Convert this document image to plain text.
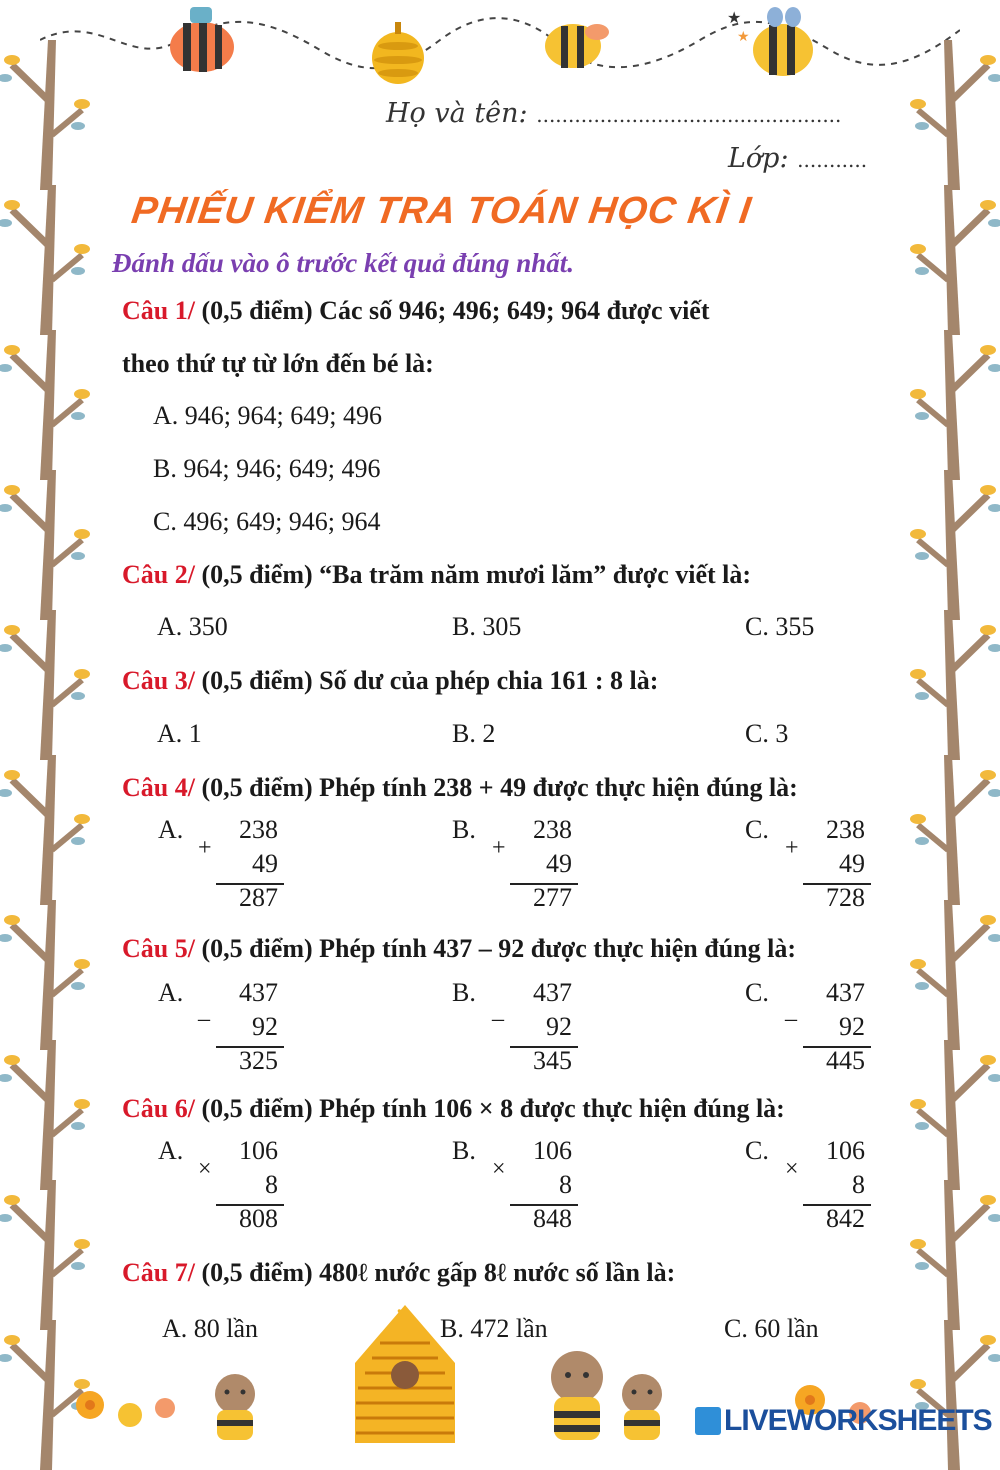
★
★
Họ và tên: ................................................
Lớp: ...........
PHIẾU KIỂM TRA TOÁN HỌC KÌ I
Đánh dấu vào ô trước kết quả đúng nhất.
Câu 1/ (0,5 điểm) Các số 946; 496; 649; 964 được viết
theo thứ tự từ lớn đến bé là:
A. 946; 964; 649; 496
B. 964; 946; 649; 496
C. 496; 649; 946; 964
Câu 2/ (0,5 điểm) “Ba trăm năm mươi lăm” được viết là:
A. 350	B. 305	C. 355
Câu 3/ (0,5 điểm) Số dư của phép chia 161 : 8 là:
A. 1	B. 2	C. 3
Câu 4/ (0,5 điểm) Phép tính 238 + 49 được thực hiện đúng là:
Câu 5/ (0,5 điểm) Phép tính 437 – 92 được thực hiện đúng là:
Câu 6/ (0,5 điểm) Phép tính 106 × 8 được thực hiện đúng là:
Câu 7/ (0,5 điểm) 480ℓ nước gấp 8ℓ nước số lần là:
A. 80 lần	B. 472 lần	C. 60 lần
A.
+
238
49
287
B.
+
238
49
277
C.
+
238
49
728
A.
_
437
92
325
B.
_
437
92
345
C.
_
437
92
445
A.
×
106
8
808
B.
×
106
8
848
C.
×
106
8
842
♥
LIVEWORKSHEETS
